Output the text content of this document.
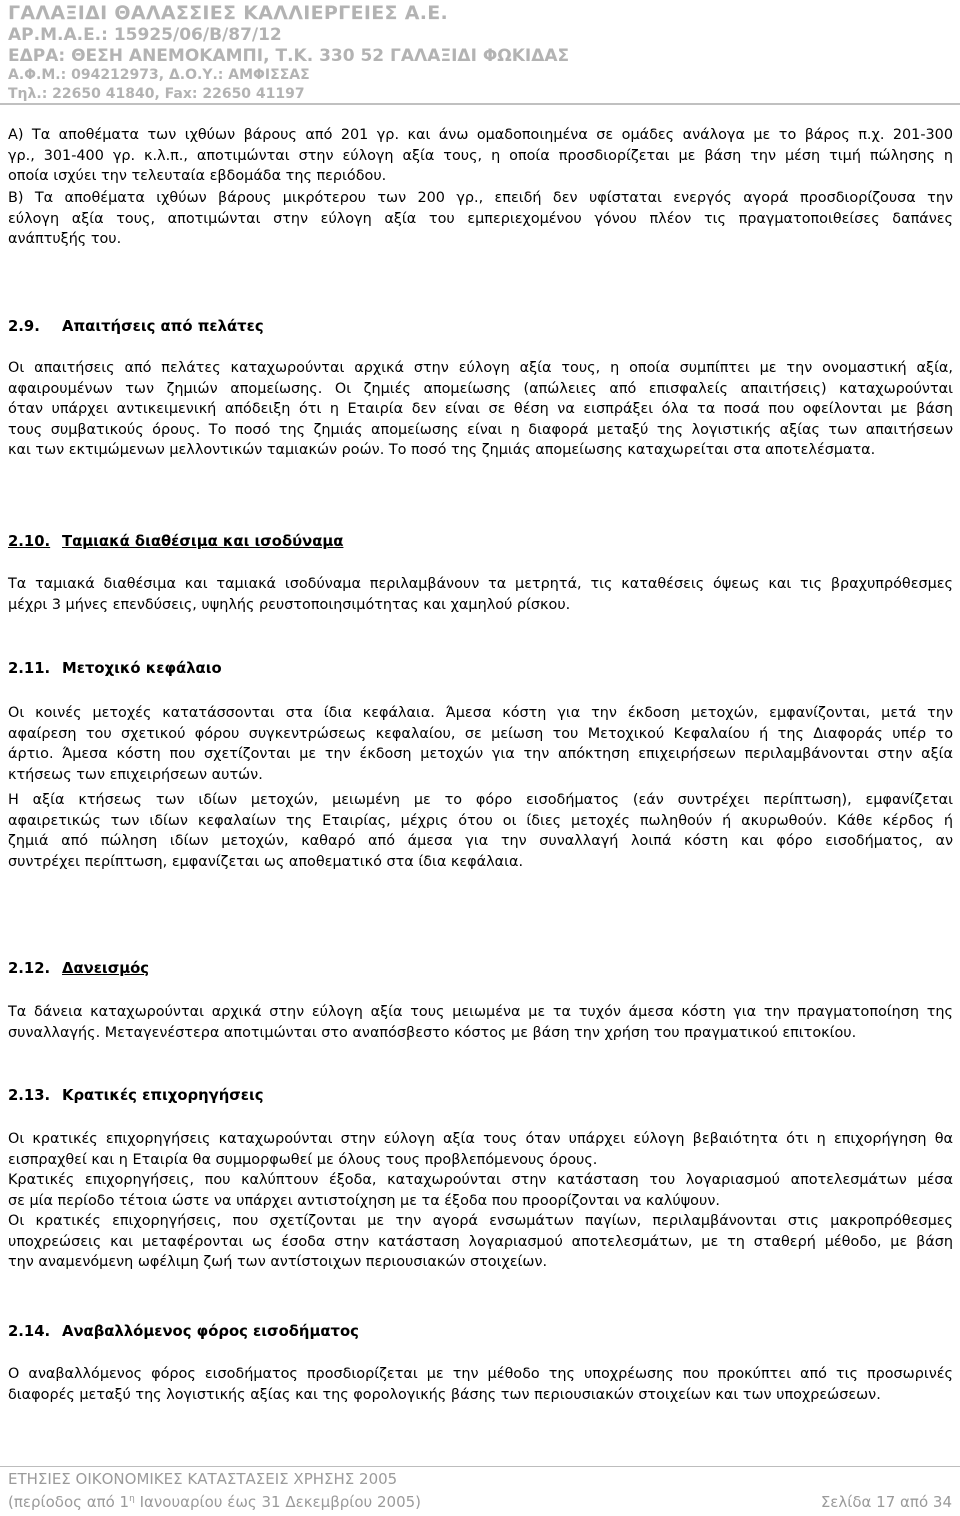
ΓΑΛΑΞΙΔΙ ΘΑΛΑΣΣΙΕΣ ΚΑΛΛΙΕΡΓΕΙΕΣ Α.Ε.
ΑΡ.Μ.Α.Ε.: 15925/06/Β/87/12
ΕΔΡΑ: ΘΕΣΗ ΑΝΕΜΟΚΑΜΠΙ, Τ.Κ. 330 52 ΓΑΛΑΞΙΔΙ ΦΩΚΙΔΑΣ
Α.Φ.Μ.: 094212973, Δ.Ο.Υ.: ΑΜΦΙΣΣΑΣ
Τηλ.: 22650 41840, Fax: 22650 41197
Α) Τα αποθέματα των ιχθύων βάρους από 201 γρ. και άνω ομαδοποιημένα σε ομάδες ανάλογα με το βάρος π.χ. 201-300
γρ., 301-400 γρ. κ.λ.π., αποτιμώνται στην εύλογη αξία τους, η οποία προσδιορίζεται με βάση την μέση τιμή πώλησης η
οποία ισχύει την τελευταία εβδομάδα της περιόδου.
Β) Τα αποθέματα ιχθύων βάρους μικρότερου των 200 γρ., επειδή δεν υφίσταται ενεργός αγορά προσδιορίζουσα την
εύλογη αξία τους, αποτιμώνται στην εύλογη αξία του εμπεριεχομένου γόνου πλέον τις πραγματοποιθείσες δαπάνες
ανάπτυξής του.
2.9. Απαιτήσεις από πελάτες
Οι απαιτήσεις από πελάτες καταχωρούνται αρχικά στην εύλογη αξία τους, η οποία συμπίπτει με την ονομαστική αξία,
αφαιρουμένων των ζημιών απομείωσης. Οι ζημιές απομείωσης (απώλειες από επισφαλείς απαιτήσεις) καταχωρούνται
όταν υπάρχει αντικειμενική απόδειξη ότι η Εταιρία δεν είναι σε θέση να εισπράξει όλα τα ποσά που οφείλονται με βάση
τους συμβατικούς όρους. Το ποσό της ζημιάς απομείωσης είναι η διαφορά μεταξύ της λογιστικής αξίας των απαιτήσεων
και των εκτιμώμενων μελλοντικών ταμιακών ροών. Το ποσό της ζημιάς απομείωσης καταχωρείται στα αποτελέσματα.
2.10. Ταμιακά διαθέσιμα και ισοδύναμα
Τα ταμιακά διαθέσιμα και ταμιακά ισοδύναμα περιλαμβάνουν τα μετρητά, τις καταθέσεις όψεως και τις βραχυπρόθεσμες
μέχρι 3 μήνες επενδύσεις, υψηλής ρευστοποιησιμότητας και χαμηλού ρίσκου.
2.11. Μετοχικό κεφάλαιο
Οι κοινές μετοχές κατατάσσονται στα ίδια κεφάλαια. Άμεσα κόστη για την έκδοση μετοχών, εμφανίζονται, μετά την
αφαίρεση του σχετικού φόρου συγκεντρώσεως κεφαλαίου, σε μείωση του Μετοχικού Κεφαλαίου ή της Διαφοράς υπέρ το
άρτιο. Άμεσα κόστη που σχετίζονται με την έκδοση μετοχών για την απόκτηση επιχειρήσεων περιλαμβάνονται στην αξία
κτήσεως των επιχειρήσεων αυτών.
Η αξία κτήσεως των ιδίων μετοχών, μειωμένη με το φόρο εισοδήματος (εάν συντρέχει περίπτωση), εμφανίζεται
αφαιρετικώς των ιδίων κεφαλαίων της Εταιρίας, μέχρις ότου οι ίδιες μετοχές πωληθούν ή ακυρωθούν. Κάθε κέρδος ή
ζημιά από πώληση ιδίων μετοχών, καθαρό από άμεσα για την συναλλαγή λοιπά κόστη και φόρο εισοδήματος, αν
συντρέχει περίπτωση, εμφανίζεται ως αποθεματικό στα ίδια κεφάλαια.
2.12. Δανεισμός
Τα δάνεια καταχωρούνται αρχικά στην εύλογη αξία τους μειωμένα με τα τυχόν άμεσα κόστη για την πραγματοποίηση της
συναλλαγής. Μεταγενέστερα αποτιμώνται στο αναπόσβεστο κόστος με βάση την χρήση του πραγματικού επιτοκίου.
2.13. Κρατικές επιχορηγήσεις
Οι κρατικές επιχορηγήσεις καταχωρούνται στην εύλογη αξία τους όταν υπάρχει εύλογη βεβαιότητα ότι η επιχορήγηση θα
εισπραχθεί και η Εταιρία θα συμμορφωθεί με όλους τους προβλεπόμενους όρους.
Κρατικές επιχορηγήσεις, που καλύπτουν έξοδα, καταχωρούνται στην κατάσταση του λογαριασμού αποτελεσμάτων μέσα
σε μία περίοδο τέτοια ώστε να υπάρχει αντιστοίχηση με τα έξοδα που προορίζονται να καλύψουν.
Οι κρατικές επιχορηγήσεις, που σχετίζονται με την αγορά ενσωμάτων παγίων, περιλαμβάνονται στις μακροπρόθεσμες
υποχρεώσεις και μεταφέρονται ως έσοδα στην κατάσταση λογαριασμού αποτελεσμάτων, με τη σταθερή μέθοδο, με βάση
την αναμενόμενη ωφέλιμη ζωή των αντίστοιχων περιουσιακών στοιχείων.
2.14. Αναβαλλόμενος φόρος εισοδήματος
Ο αναβαλλόμενος φόρος εισοδήματος προσδιορίζεται με την μέθοδο της υποχρέωσης που προκύπτει από τις προσωρινές
διαφορές μεταξύ της λογιστικής αξίας και της φορολογικής βάσης των περιουσιακών στοιχείων και των υποχρεώσεων.
ΕΤΗΣΙΕΣ ΟΙΚΟΝΟΜΙΚΕΣ ΚΑΤΑΣΤΑΣΕΙΣ ΧΡΗΣΗΣ 2005
(περίοδος από $1^\eta$ Ιανουαρίου έως 31 Δεκεμβρίου 2005)	Σελίδα 17 από 34
